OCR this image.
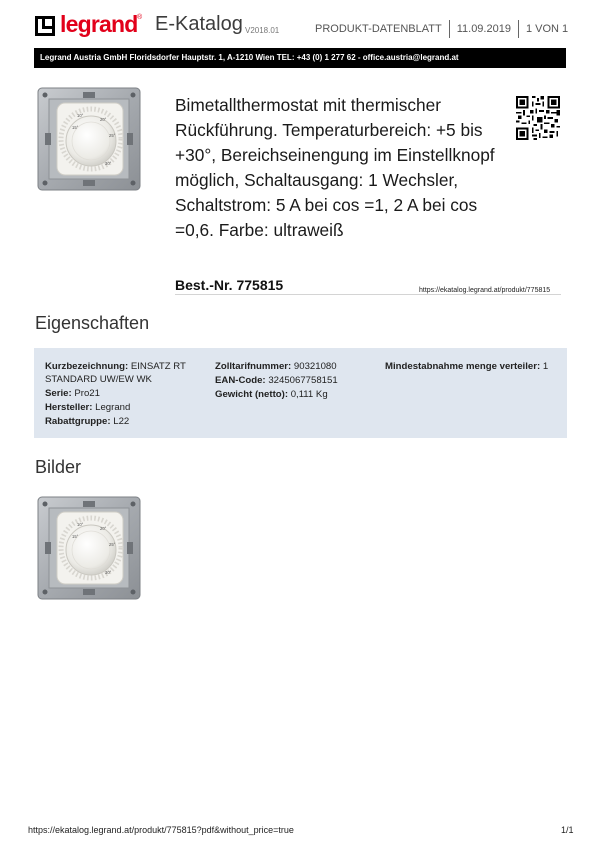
legrand ® E-Katalog V2018.01	PRODUKT-DATENBLATT 11.09.2019 1 VON 1
Legrand Austria GmbH Floridsdorfer Hauptstr. 1, A-1210 Wien TEL: +43 (0) 1 277 62 - office.austria@legrand.at
10°
15°
20°
25°
30°
Bimetallthermostat mit thermischer Rückführung. Temperaturbereich: +5 bis +30°, Bereichseinengung im Einstellknopf möglich, Schaltausgang: 1 Wechsler, Schaltstrom: 5 A bei cos =1, 2 A bei cos =0,6. Farbe: ultraweiß
Best.-Nr. 775815	https://ekatalog.legrand.at/produkt/775815
Eigenschaften
Kurzbezeichnung: EINSATZ RT STANDARD UW/EW WK
Serie: Pro21
Hersteller: Legrand
Rabattgruppe: L22
Zolltarifnummer: 90321080
EAN-Code: 3245067758151
Gewicht (netto): 0,111 Kg
Mindestabnahme menge verteiler: 1
Bilder
10°
15°
20°
25°
30°
https://ekatalog.legrand.at/produkt/775815?pdf&without_price=true	1/1
